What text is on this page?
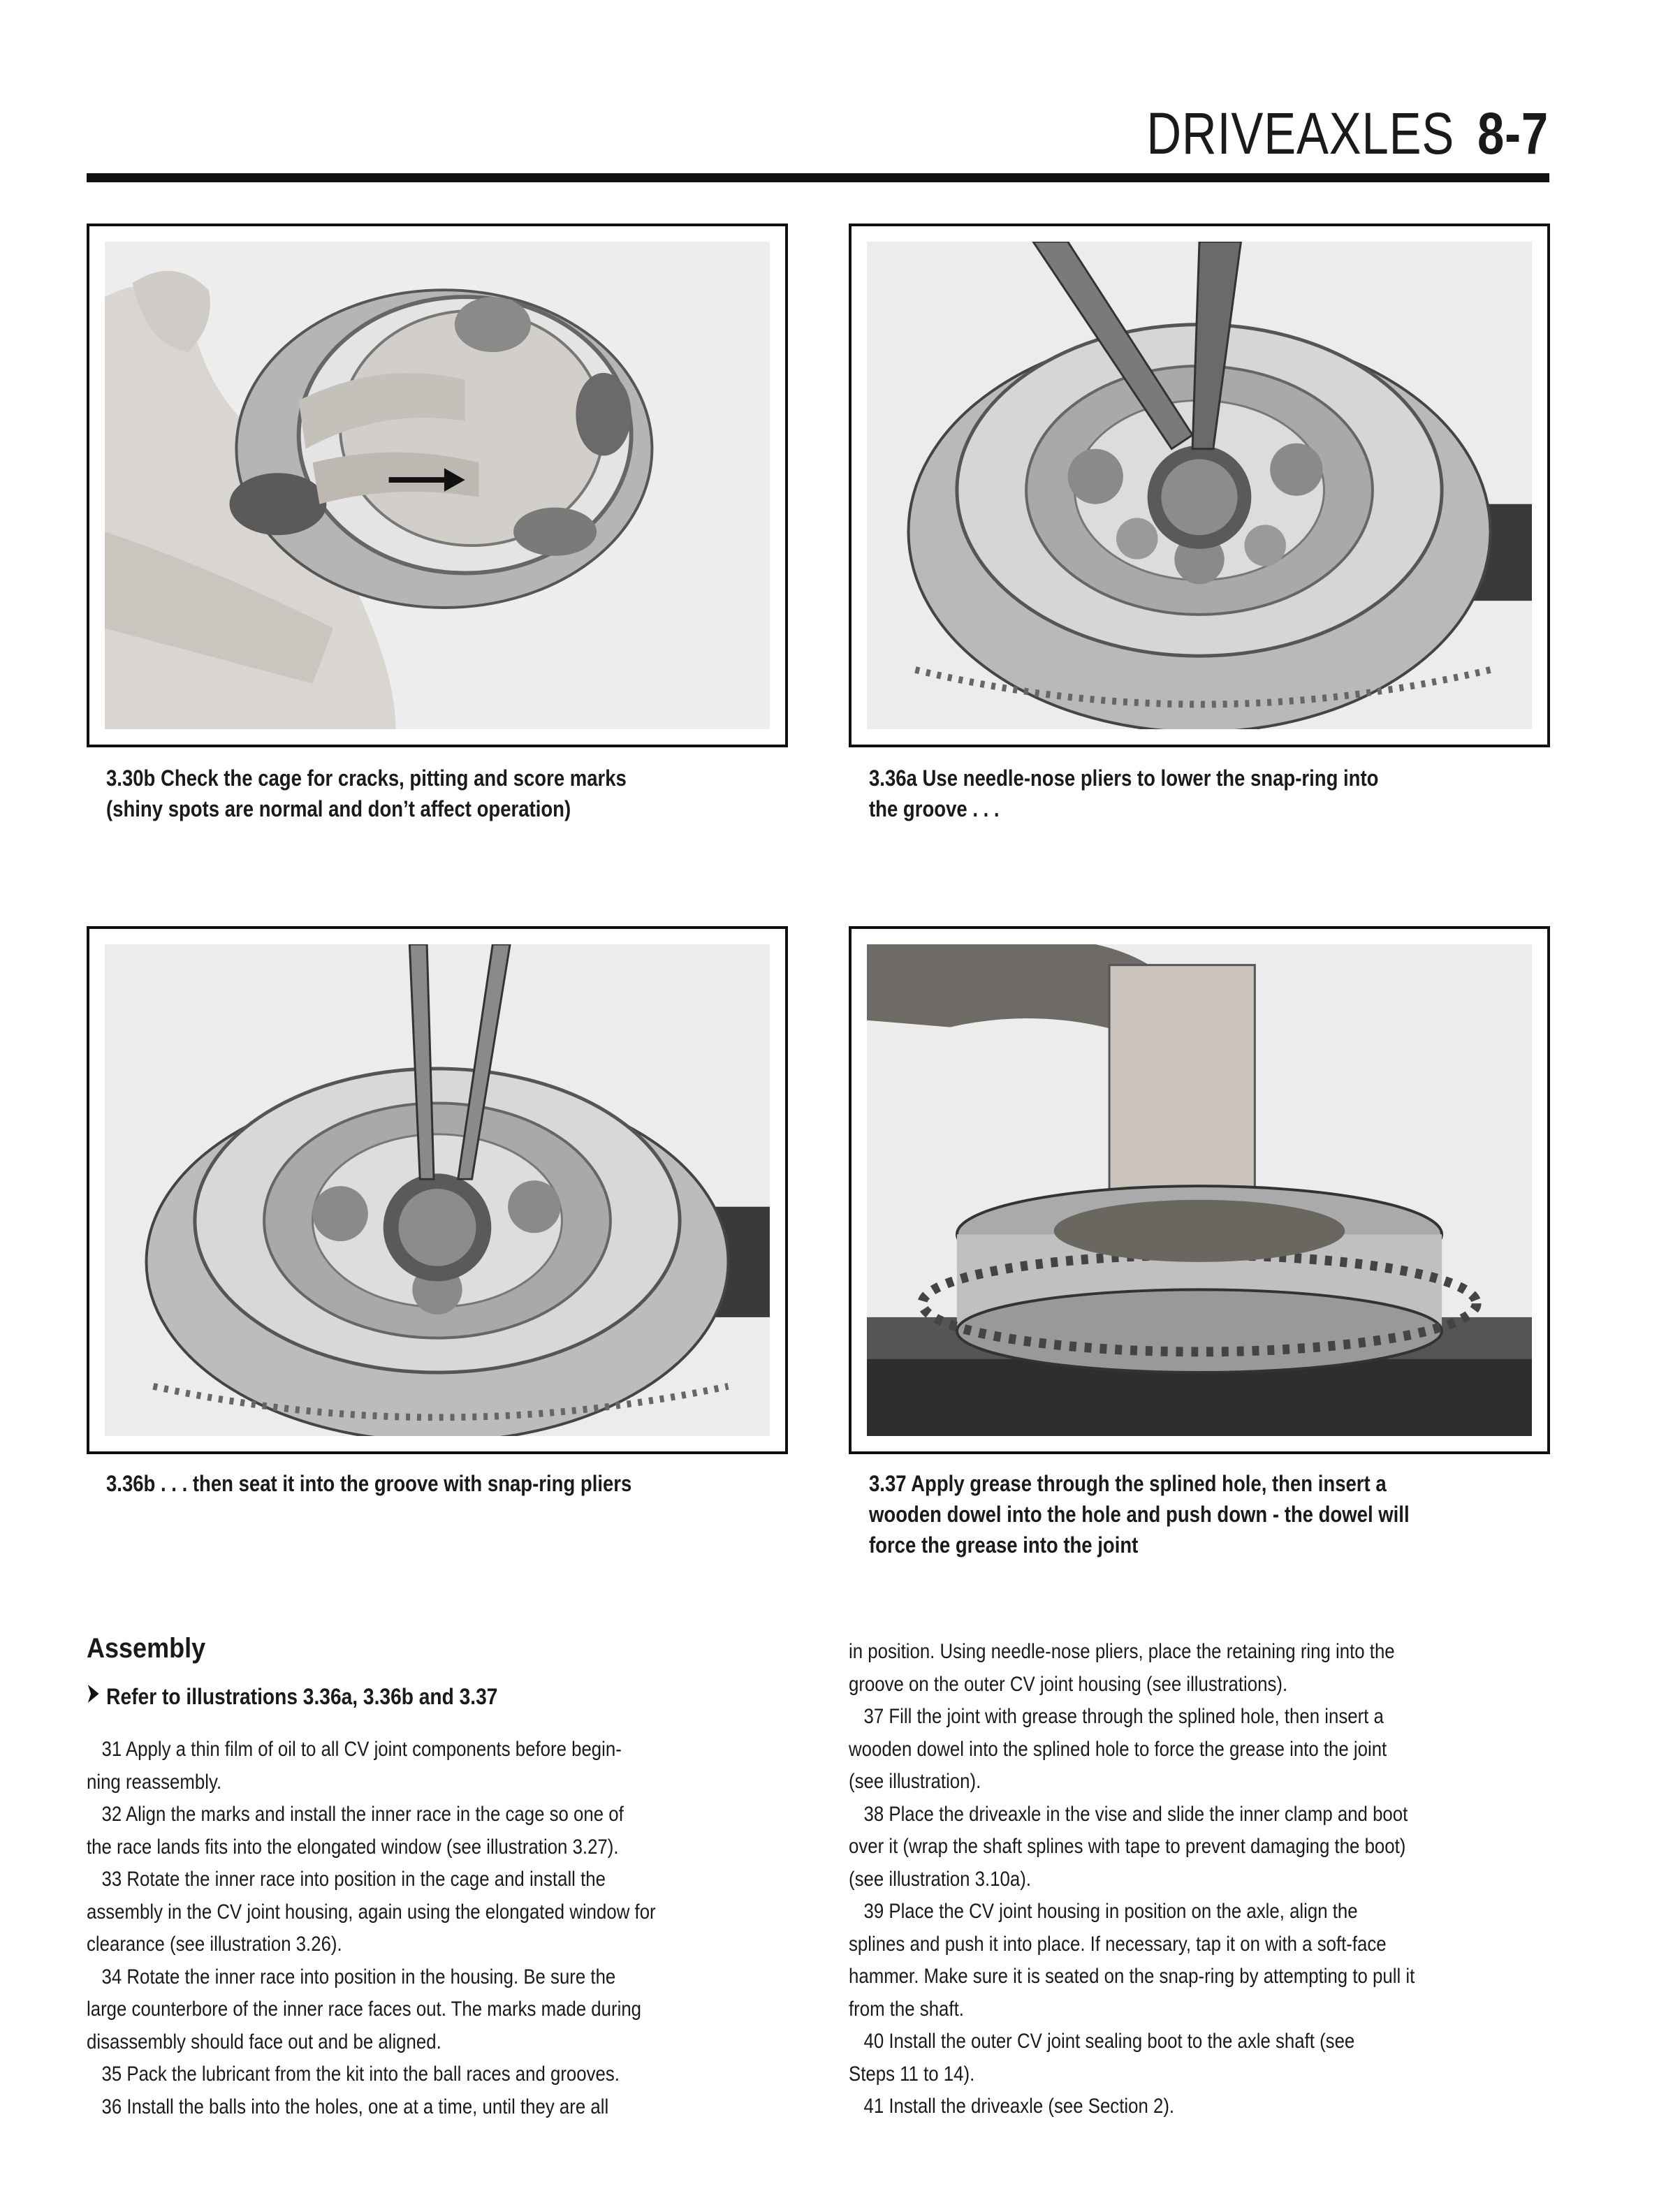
DRIVEAXLES 8-7
3.30b Check the cage for cracks, pitting and score marks
(shiny spots are normal and don’t affect operation)
3.36a Use needle-nose pliers to lower the snap-ring into
the groove . . .
3.36b . . . then seat it into the groove with snap-ring pliers	3.37 Apply grease through the splined hole, then insert a
wooden dowel into the hole and push down - the dowel will
force the grease into the joint
Assembly
Refer to illustrations 3.36a, 3.36b and 3.37
31 Apply a thin film of oil to all CV joint components before begin-
ning reassembly.
32 Align the marks and install the inner race in the cage so one of
the race lands fits into the elongated window (see illustration 3.27).
33 Rotate the inner race into position in the cage and install the
assembly in the CV joint housing, again using the elongated window for
clearance (see illustration 3.26).
34 Rotate the inner race into position in the housing. Be sure the
large counterbore of the inner race faces out. The marks made during
disassembly should face out and be aligned.
35 Pack the lubricant from the kit into the ball races and grooves.
36 Install the balls into the holes, one at a time, until they are all
in position. Using needle-nose pliers, place the retaining ring into the
groove on the outer CV joint housing (see illustrations).
37 Fill the joint with grease through the splined hole, then insert a
wooden dowel into the splined hole to force the grease into the joint
(see illustration).
38 Place the driveaxle in the vise and slide the inner clamp and boot
over it (wrap the shaft splines with tape to prevent damaging the boot)
(see illustration 3.10a).
39 Place the CV joint housing in position on the axle, align the
splines and push it into place. If necessary, tap it on with a soft-face
hammer. Make sure it is seated on the snap-ring by attempting to pull it
from the shaft.
40 Install the outer CV joint sealing boot to the axle shaft (see
Steps 11 to 14).
41 Install the driveaxle (see Section 2).
